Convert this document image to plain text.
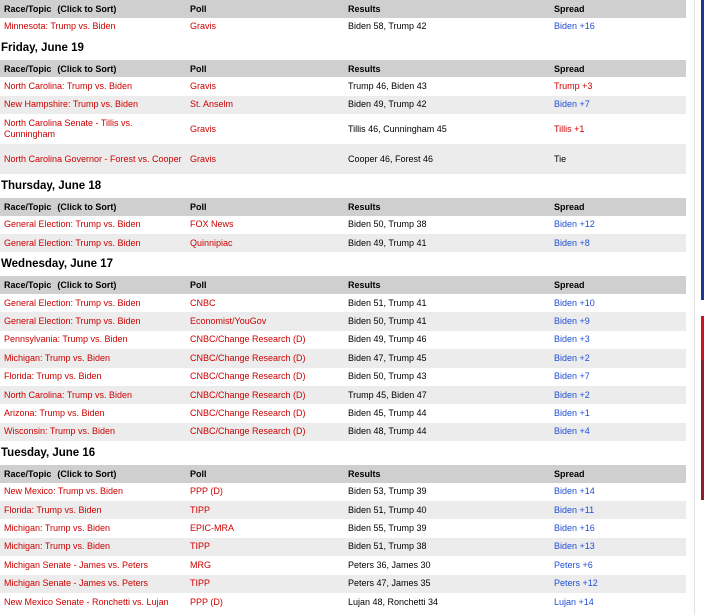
Race/Topic (Click to Sort)	Poll	Results	Spread
Minnesota: Trump vs. Biden	Gravis	Biden 58, Trump 42	Biden +16
Friday, June 19
Race/Topic (Click to Sort)	Poll	Results	Spread
North Carolina: Trump vs. Biden	Gravis	Trump 46, Biden 43	Trump +3
New Hampshire: Trump vs. Biden	St. Anselm	Biden 49, Trump 42	Biden +7
North Carolina Senate - Tillis vs. Cunningham	Gravis	Tillis 46, Cunningham 45	Tillis +1
North Carolina Governor - Forest vs. Cooper	Gravis	Cooper 46, Forest 46	Tie
Thursday, June 18
Race/Topic (Click to Sort)	Poll	Results	Spread
General Election: Trump vs. Biden	FOX News	Biden 50, Trump 38	Biden +12
General Election: Trump vs. Biden	Quinnipiac	Biden 49, Trump 41	Biden +8
Wednesday, June 17
Race/Topic (Click to Sort)	Poll	Results	Spread
General Election: Trump vs. Biden	CNBC	Biden 51, Trump 41	Biden +10
General Election: Trump vs. Biden	Economist/YouGov	Biden 50, Trump 41	Biden +9
Pennsylvania: Trump vs. Biden	CNBC/Change Research (D)	Biden 49, Trump 46	Biden +3
Michigan: Trump vs. Biden	CNBC/Change Research (D)	Biden 47, Trump 45	Biden +2
Florida: Trump vs. Biden	CNBC/Change Research (D)	Biden 50, Trump 43	Biden +7
North Carolina: Trump vs. Biden	CNBC/Change Research (D)	Trump 45, Biden 47	Biden +2
Arizona: Trump vs. Biden	CNBC/Change Research (D)	Biden 45, Trump 44	Biden +1
Wisconsin: Trump vs. Biden	CNBC/Change Research (D)	Biden 48, Trump 44	Biden +4
Tuesday, June 16
Race/Topic (Click to Sort)	Poll	Results	Spread
New Mexico: Trump vs. Biden	PPP (D)	Biden 53, Trump 39	Biden +14
Florida: Trump vs. Biden	TIPP	Biden 51, Trump 40	Biden +11
Michigan: Trump vs. Biden	EPIC-MRA	Biden 55, Trump 39	Biden +16
Michigan: Trump vs. Biden	TIPP	Biden 51, Trump 38	Biden +13
Michigan Senate - James vs. Peters	MRG	Peters 36, James 30	Peters +6
Michigan Senate - James vs. Peters	TIPP	Peters 47, James 35	Peters +12
New Mexico Senate - Ronchetti vs. Lujan	PPP (D)	Lujan 48, Ronchetti 34	Lujan +14
